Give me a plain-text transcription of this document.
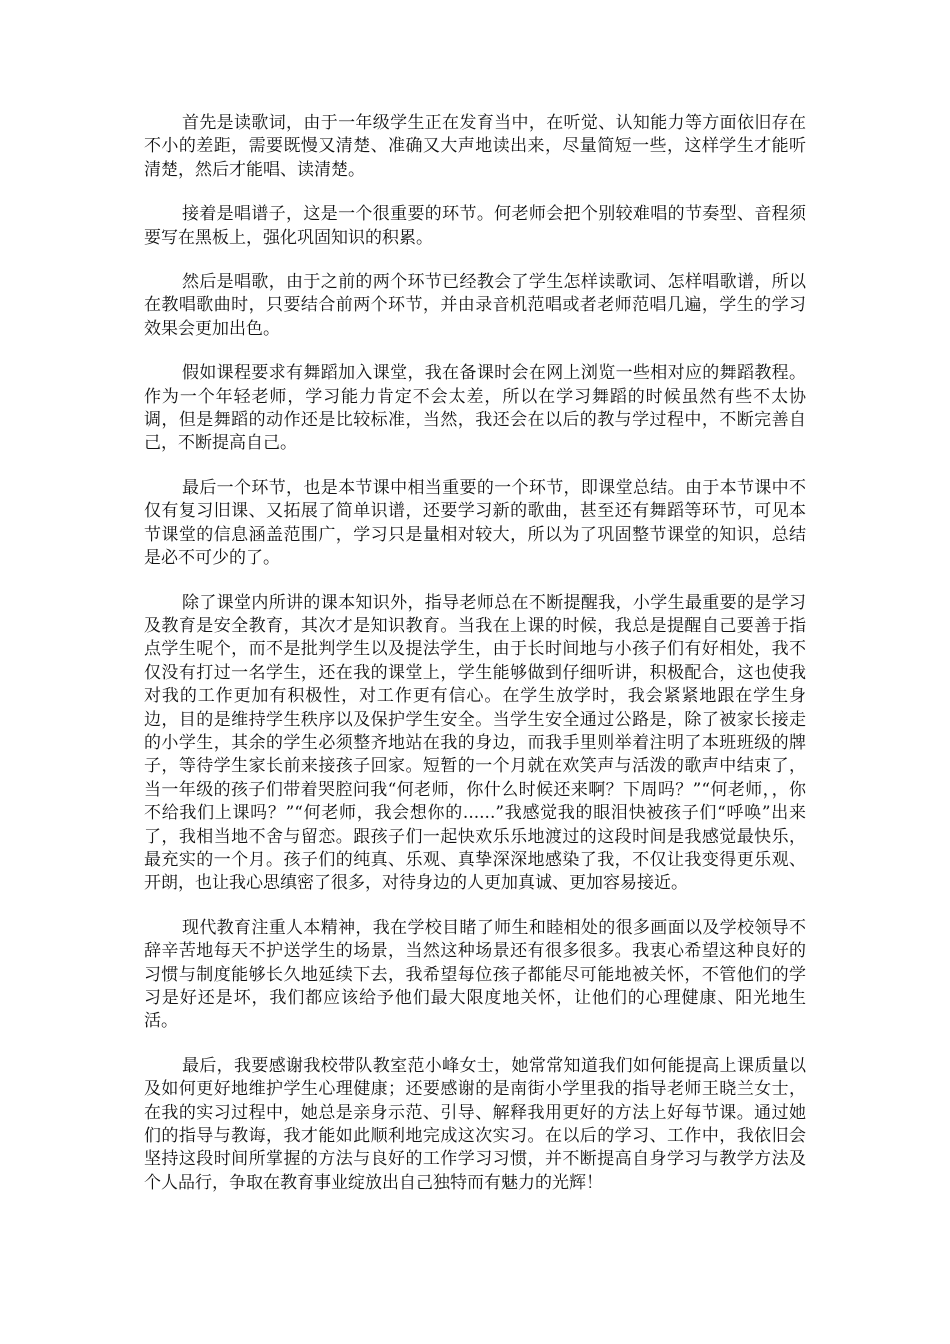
首先是读歌词，由于一年级学生正在发育当中，在听觉、认知能力等方面依旧存在不小的差距，需要既慢又清楚、准确又大声地读出来，尽量简短一些，这样学生才能听清楚，然后才能唱、读清楚。

接着是唱谱子，这是一个很重要的环节。何老师会把个别较难唱的节奏型、音程须要写在黑板上，强化巩固知识的积累。

然后是唱歌，由于之前的两个环节已经教会了学生怎样读歌词、怎样唱歌谱，所以在教唱歌曲时，只要结合前两个环节，并由录音机范唱或者老师范唱几遍，学生的学习效果会更加出色。

假如课程要求有舞蹈加入课堂，我在备课时会在网上浏览一些相对应的舞蹈教程。作为一个年轻老师，学习能力肯定不会太差，所以在学习舞蹈的时候虽然有些不太协调，但是舞蹈的动作还是比较标准，当然，我还会在以后的教与学过程中，不断完善自己，不断提高自己。

最后一个环节，也是本节课中相当重要的一个环节，即课堂总结。由于本节课中不仅有复习旧课、又拓展了简单识谱，还要学习新的歌曲，甚至还有舞蹈等环节，可见本节课堂的信息涵盖范围广，学习只是量相对较大，所以为了巩固整节课堂的知识，总结是必不可少的了。

除了课堂内所讲的课本知识外，指导老师总在不断提醒我，小学生最重要的是学习及教育是安全教育，其次才是知识教育。当我在上课的时候，我总是提醒自己要善于指点学生呢个，而不是批判学生以及提法学生，由于长时间地与小孩子们有好相处，我不仅没有打过一名学生，还在我的课堂上，学生能够做到仔细听讲，积极配合，这也使我对我的工作更加有积极性，对工作更有信心。在学生放学时，我会紧紧地跟在学生身边，目的是维持学生秩序以及保护学生安全。当学生安全通过公路是，除了被家长接走的小学生，其余的学生必须整齐地站在我的身边，而我手里则举着注明了本班班级的牌子，等待学生家长前来接孩子回家。短暂的一个月就在欢笑声与活泼的歌声中结束了，当一年级的孩子们带着哭腔问我“何老师，你什么时候还来啊？下周吗？”“何老师，，你不给我们上课吗？”“何老师，我会想你的......”我感觉我的眼泪快被孩子们“呼唤”出来了，我相当地不舍与留恋。跟孩子们一起快欢乐乐地渡过的这段时间是我感觉最快乐，最充实的一个月。孩子们的纯真、乐观、真挚深深地感染了我，不仅让我变得更乐观、开朗，也让我心思缜密了很多，对待身边的人更加真诚、更加容易接近。

现代教育注重人本精神，我在学校目睹了师生和睦相处的很多画面以及学校领导不辞辛苦地每天不护送学生的场景，当然这种场景还有很多很多。我衷心希望这种良好的习惯与制度能够长久地延续下去，我希望每位孩子都能尽可能地被关怀，不管他们的学习是好还是坏，我们都应该给予他们最大限度地关怀，让他们的心理健康、阳光地生活。

最后，我要感谢我校带队教室范小峰女士，她常常知道我们如何能提高上课质量以及如何更好地维护学生心理健康；还要感谢的是南街小学里我的指导老师王晓兰女士，在我的实习过程中，她总是亲身示范、引导、解释我用更好的方法上好每节课。通过她们的指导与教诲，我才能如此顺利地完成这次实习。在以后的学习、工作中，我依旧会坚持这段时间所掌握的方法与良好的工作学习习惯，并不断提高自身学习与教学方法及个人品行，争取在教育事业绽放出自己独特而有魅力的光辉！
